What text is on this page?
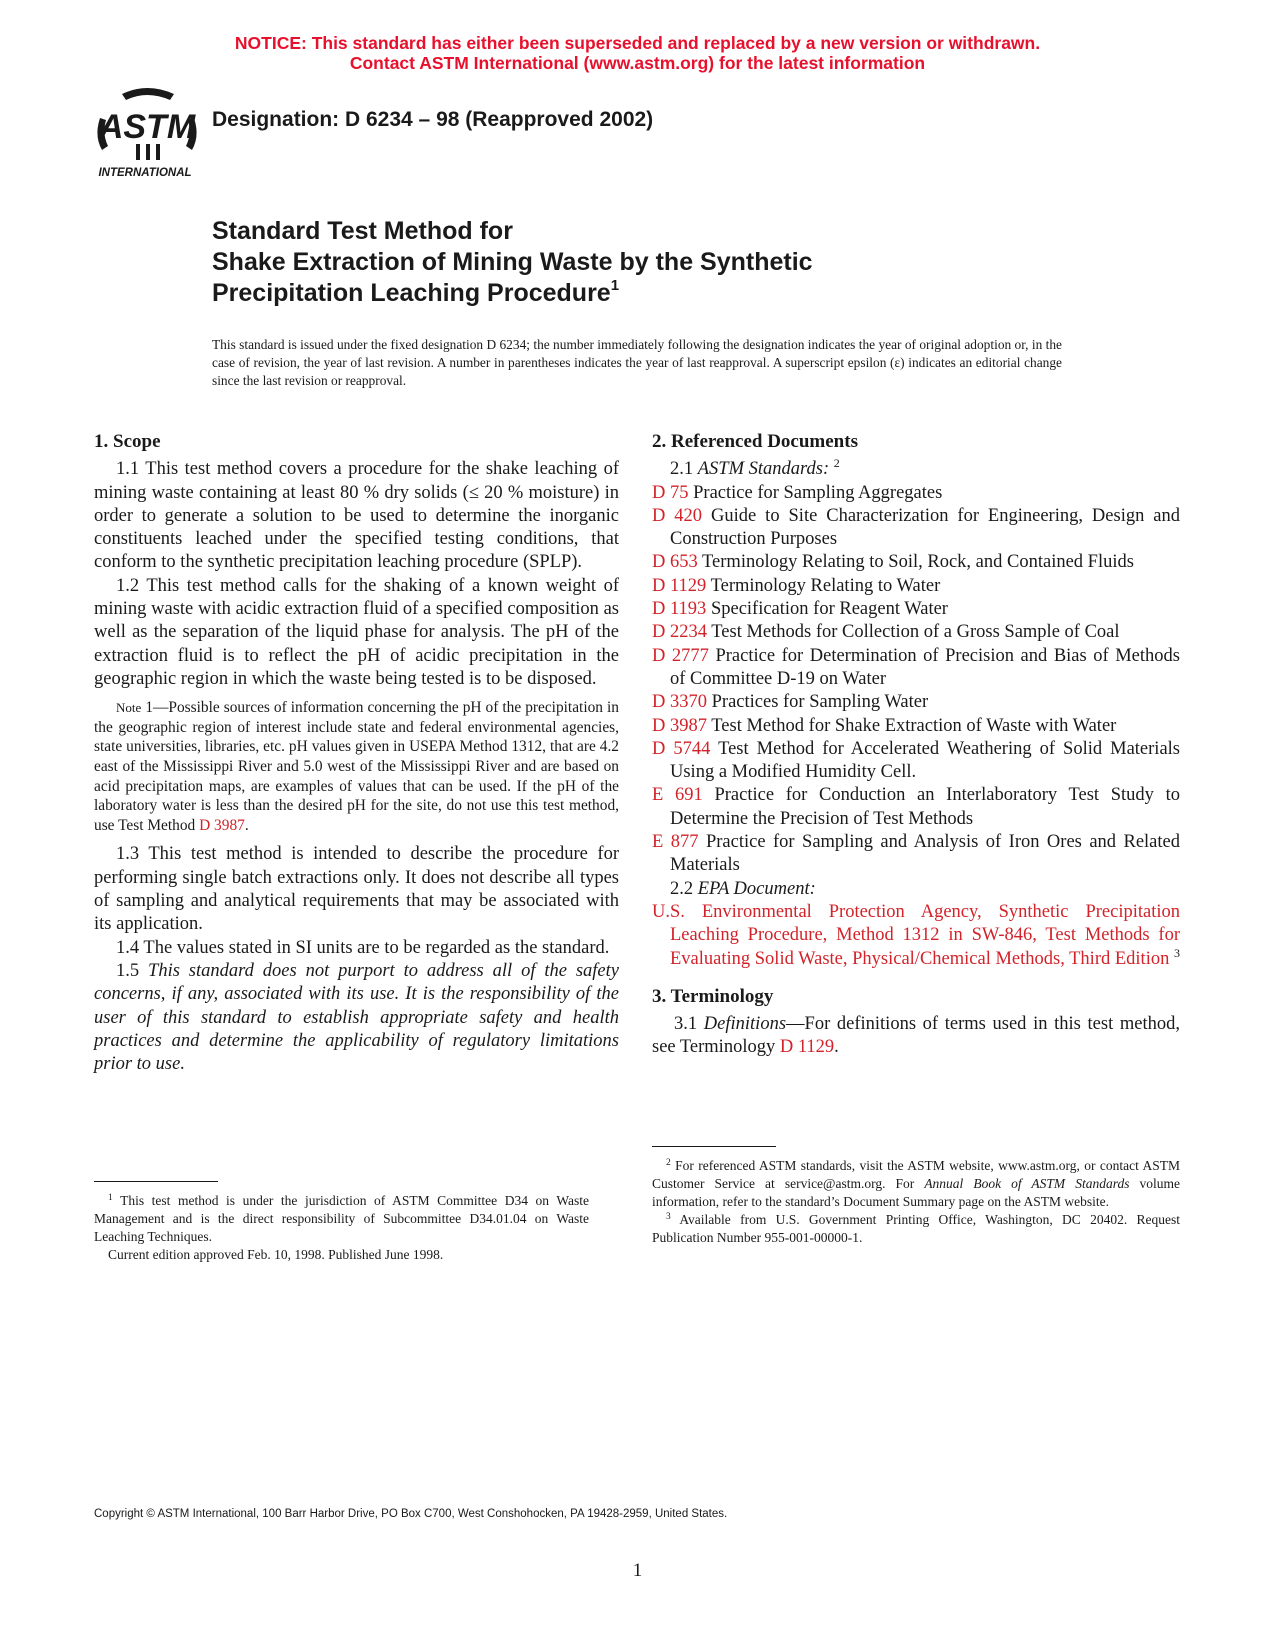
NOTICE: This standard has either been superseded and replaced by a new version or withdrawn.
Contact ASTM International (www.astm.org) for the latest information
ASTM
INTERNATIONAL
Designation: D 6234 – 98 (Reapproved 2002)
Standard Test Method for
Shake Extraction of Mining Waste by the Synthetic
Precipitation Leaching Procedure$^1$
This standard is issued under the fixed designation D 6234; the number immediately following the designation indicates the year of original adoption or, in the case of revision, the year of last revision. A number in parentheses indicates the year of last reapproval. A superscript epsilon (ε) indicates an editorial change since the last revision or reapproval.
1. Scope

1.1 This test method covers a procedure for the shake leaching of mining waste containing at least 80 % dry solids (≤ 20 % moisture) in order to generate a solution to be used to determine the inorganic constituents leached under the specified testing conditions, that conform to the synthetic precipitation leaching procedure (SPLP).

1.2 This test method calls for the shaking of a known weight of mining waste with acidic extraction fluid of a specified composition as well as the separation of the liquid phase for analysis. The pH of the extraction fluid is to reflect the pH of acidic precipitation in the geographic region in which the waste being tested is to be disposed.

Note 1—Possible sources of information concerning the pH of the precipitation in the geographic region of interest include state and federal environmental agencies, state universities, libraries, etc. pH values given in USEPA Method 1312, that are 4.2 east of the Mississippi River and 5.0 west of the Mississippi River and are based on acid precipitation maps, are examples of values that can be used. If the pH of the laboratory water is less than the desired pH for the site, do not use this test method, use Test Method D 3987.

1.3 This test method is intended to describe the procedure for performing single batch extractions only. It does not describe all types of sampling and analytical requirements that may be associated with its application.

1.4 The values stated in SI units are to be regarded as the standard.

1.5 This standard does not purport to address all of the safety concerns, if any, associated with its use. It is the responsibility of the user of this standard to establish appropriate safety and health practices and determine the applicability of regulatory limitations prior to use.

2. Referenced Documents

2.1 ASTM Standards: $^2$

D 75 Practice for Sampling Aggregates

D 420 Guide to Site Characterization for Engineering, Design and Construction Purposes

D 653 Terminology Relating to Soil, Rock, and Contained Fluids

D 1129 Terminology Relating to Water

D 1193 Specification for Reagent Water

D 2234 Test Methods for Collection of a Gross Sample of Coal

D 2777 Practice for Determination of Precision and Bias of Methods of Committee D-19 on Water

D 3370 Practices for Sampling Water

D 3987 Test Method for Shake Extraction of Waste with Water

D 5744 Test Method for Accelerated Weathering of Solid Materials Using a Modified Humidity Cell.

E 691 Practice for Conduction an Interlaboratory Test Study to Determine the Precision of Test Methods

E 877 Practice for Sampling and Analysis of Iron Ores and Related Materials

2.2 EPA Document:

U.S. Environmental Protection Agency, Synthetic Precipitation Leaching Procedure, Method 1312 in SW-846, Test Methods for Evaluating Solid Waste, Physical/Chemical Methods, Third Edition $^3$

3. Terminology

3.1 Definitions—For definitions of terms used in this test method, see Terminology D 1129.

$^1$ This test method is under the jurisdiction of ASTM Committee D34 on Waste Management and is the direct responsibility of Subcommittee D34.01.04 on Waste Leaching Techniques.

Current edition approved Feb. 10, 1998. Published June 1998.

$^2$ For referenced ASTM standards, visit the ASTM website, www.astm.org, or contact ASTM Customer Service at service@astm.org. For Annual Book of ASTM Standards volume information, refer to the standard’s Document Summary page on the ASTM website.

$^3$ Available from U.S. Government Printing Office, Washington, DC 20402. Request Publication Number 955-001-00000-1.

Copyright © ASTM International, 100 Barr Harbor Drive, PO Box C700, West Conshohocken, PA 19428-2959, United States.
1
